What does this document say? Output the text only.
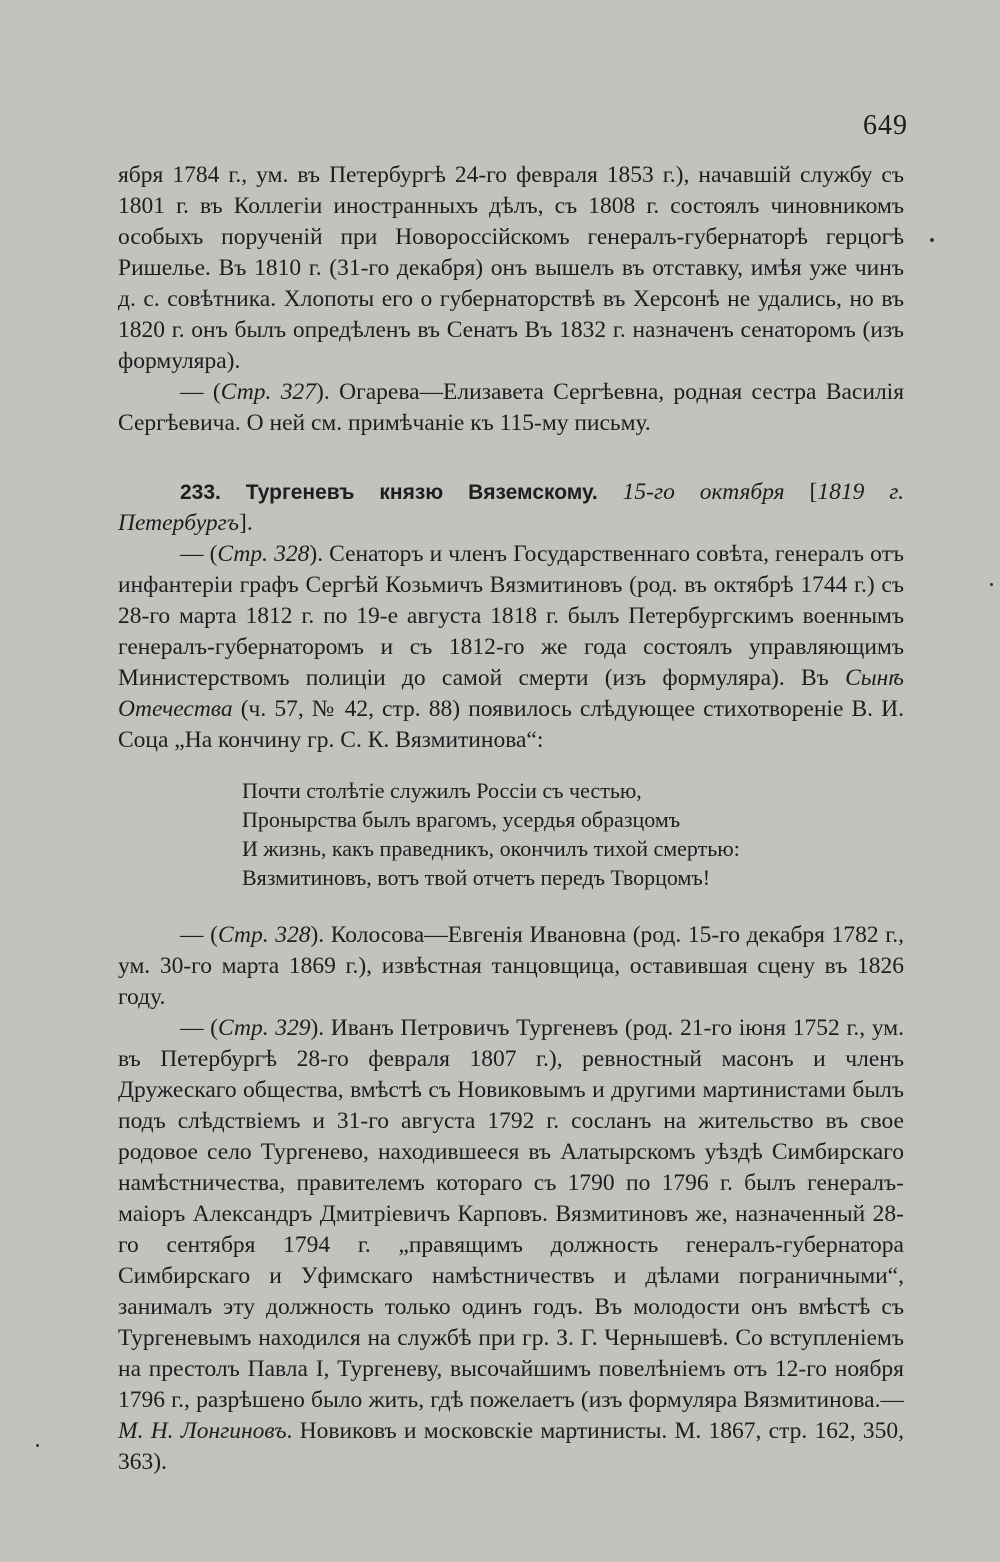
649

ября 1784 г., ум. въ Петербургѣ 24-го февраля 1853 г.), начавшій службу съ 1801 г. въ Коллегіи иностранныхъ дѣлъ, съ 1808 г. состоялъ чиновникомъ особыхъ порученій при Новороссійскомъ генералъ-губернаторѣ герцогѣ Ришелье. Въ 1810 г. (31-го декабря) онъ вышелъ въ отставку, имѣя уже чинъ д. с. совѣтника. Хлопоты его о губернаторствѣ въ Херсонѣ не удались, но въ 1820 г. онъ былъ опредѣленъ въ Сенатъ Въ 1832 г. назначенъ сенаторомъ (изъ формуляра).

— (Стр. 327). Огарева—Елизавета Сергѣевна, родная сестра Василія Сергѣевича. О ней см. примѣчаніе къ 115-му письму.

233. Тургеневъ князю Вяземскому. 15-го октября [1819 г. Петербургъ].

— (Стр. 328). Сенаторъ и членъ Государственнаго совѣта, генералъ отъ инфантеріи графъ Сергѣй Козьмичъ Вязмитиновъ (род. въ октябрѣ 1744 г.) съ 28-го марта 1812 г. по 19-е августа 1818 г. былъ Петербургскимъ военнымъ генералъ-губернаторомъ и съ 1812-го же года состоялъ управляющимъ Министерствомъ полиціи до самой смерти (изъ формуляра). Въ Сынѣ Отечества (ч. 57, № 42, стр. 88) появилось слѣдующее стихотвореніе В. И. Соца „На кончину гр. С. К. Вязмитинова“:

Почти столѣтіе служилъ Россіи съ честью,
Пронырства былъ врагомъ, усердья образцомъ
И жизнь, какъ праведникъ, окончилъ тихой смертью:
Вязмитиновъ, вотъ твой отчетъ передъ Творцомъ!

— (Стр. 328). Колосова—Евгенія Ивановна (род. 15-го декабря 1782 г., ум. 30-го марта 1869 г.), извѣстная танцовщица, оставившая сцену въ 1826 году.

— (Стр. 329). Иванъ Петровичъ Тургеневъ (род. 21-го іюня 1752 г., ум. въ Петербургѣ 28-го февраля 1807 г.), ревностный масонъ и членъ Дружескаго общества, вмѣстѣ съ Новиковымъ и другими мартинистами былъ подъ слѣдствіемъ и 31-го августа 1792 г. сосланъ на жительство въ свое родовое село Тургенево, находившееся въ Алатырскомъ уѣздѣ Симбирскаго намѣстничества, правителемъ котораго съ 1790 по 1796 г. былъ генералъ-маіоръ Александръ Дмитріевичъ Карповъ. Вязмитиновъ же, назначенный 28-го сентября 1794 г. „правящимъ должность генералъ-губернатора Симбирскаго и Уфимскаго намѣстничествъ и дѣлами пограничными“, занималъ эту должность только одинъ годъ. Въ молодости онъ вмѣстѣ съ Тургеневымъ находился на службѣ при гр. З. Г. Чернышевѣ. Со вступленіемъ на престолъ Павла I, Тургеневу, высочайшимъ повелѣніемъ отъ 12-го ноября 1796 г., разрѣшено было жить, гдѣ пожелаетъ (изъ формуляра Вязмитинова.—М. Н. Лонгиновъ. Новиковъ и московскіе мартинисты. М. 1867, стр. 162, 350, 363).
